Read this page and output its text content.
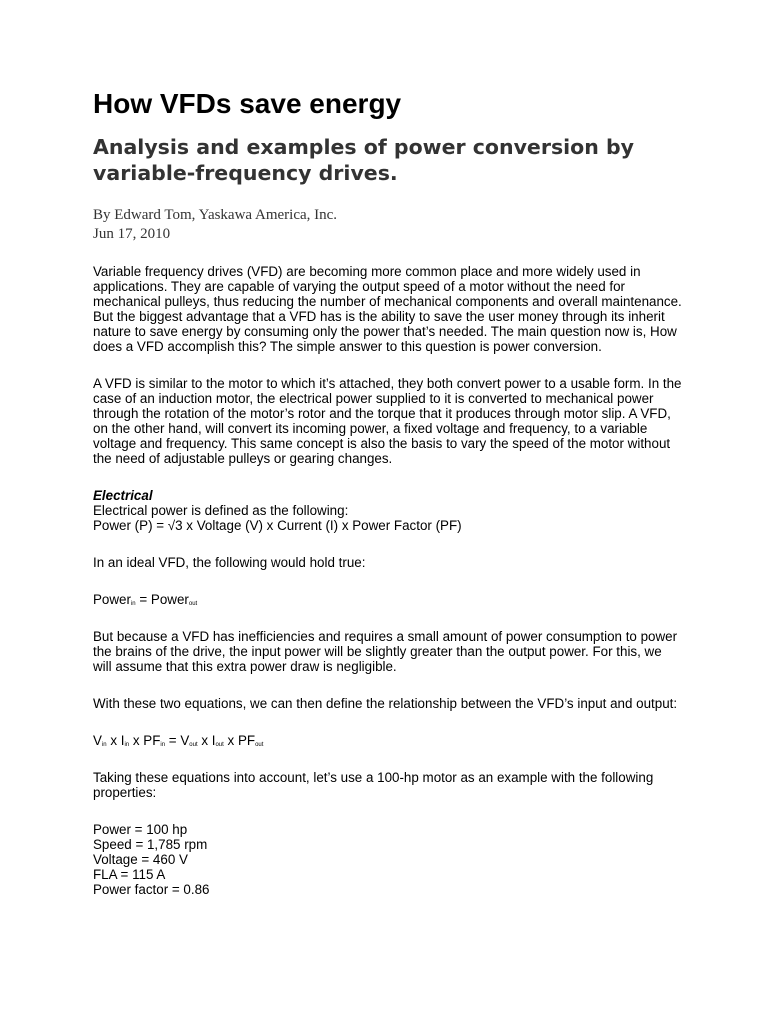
How VFDs save energy
Analysis and examples of power conversion by variable-frequency drives.
By Edward Tom, Yaskawa America, Inc.
Jun 17, 2010

Variable frequency drives (VFD) are becoming more common place and more widely used in applications. They are capable of varying the output speed of a motor without the need for mechanical pulleys, thus reducing the number of mechanical components and overall maintenance. But the biggest advantage that a VFD has is the ability to save the user money through its inherit nature to save energy by consuming only the power that’s needed. The main question now is, How does a VFD accomplish this? The simple answer to this question is power conversion.

A VFD is similar to the motor to which it’s attached, they both convert power to a usable form. In the case of an induction motor, the electrical power supplied to it is converted to mechanical power through the rotation of the motor’s rotor and the torque that it produces through motor slip. A VFD, on the other hand, will convert its incoming power, a fixed voltage and frequency, to a variable voltage and frequency. This same concept is also the basis to vary the speed of the motor without the need of adjustable pulleys or gearing changes.

Electrical
Electrical power is defined as the following:
Power (P) = √3 x Voltage (V) x Current (I) x Power Factor (PF)

In an ideal VFD, the following would hold true:

Power$_{in}$ = Power$_{out}$

But because a VFD has inefficiencies and requires a small amount of power consumption to power the brains of the drive, the input power will be slightly greater than the output power. For this, we will assume that this extra power draw is negligible.

With these two equations, we can then define the relationship between the VFD’s input and output:

$V_{in}$ x $I_{in}$ x $PF_{in} = V_{out}$ x $I_{out}$ x $PF_{out}$

Taking these equations into account, let’s use a 100-hp motor as an example with the following properties:

Power = 100 hp
Speed = 1,785 rpm
Voltage = 460 V
FLA = 115 A
Power factor = 0.86
